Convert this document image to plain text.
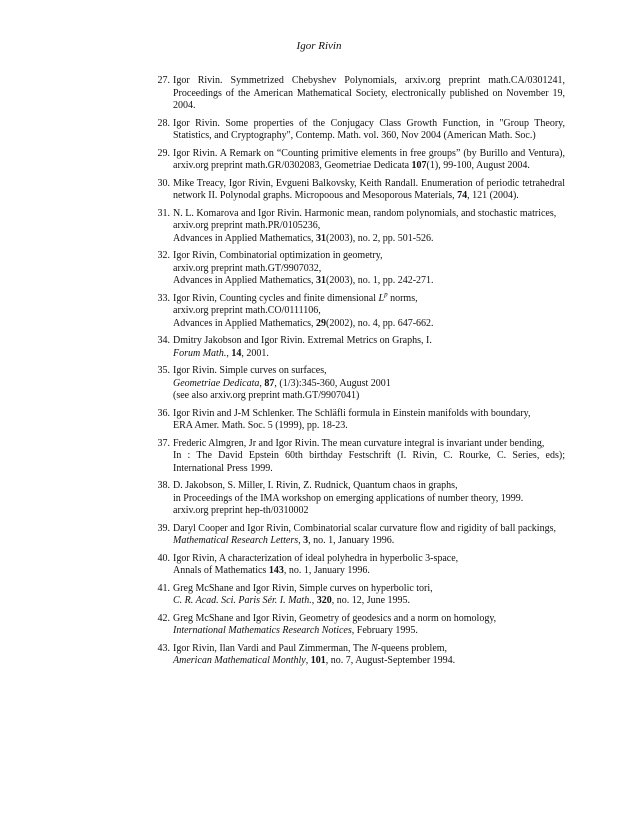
Igor Rivin
27. Igor Rivin. Symmetrized Chebyshev Polynomials, arxiv.org preprint math.CA/0301241, Proceedings of the American Mathematical Society, electronically published on November 19, 2004.
28. Igor Rivin. Some properties of the Conjugacy Class Growth Function, in "Group Theory, Statistics, and Cryptography", Contemp. Math. vol. 360, Nov 2004 (American Math. Soc.)
29. Igor Rivin. A Remark on “Counting primitive elements in free groups” (by Burillo and Ventura), arxiv.org preprint math.GR/0302083, Geometriae Dedicata 107(1), 99-100, August 2004.
30. Mike Treacy, Igor Rivin, Evgueni Balkovsky, Keith Randall. Enumeration of periodic tetrahedral network II. Polynodal graphs. Micropoous and Mesoporous Materials, 74, 121 (2004).
31. N. L. Komarova and Igor Rivin. Harmonic mean, random polynomials, and stochastic matrices,
arxiv.org preprint math.PR/0105236,
Advances in Applied Mathematics, 31(2003), no. 2, pp. 501-526.
32. Igor Rivin, Combinatorial optimization in geometry,
arxiv.org preprint math.GT/9907032,
Advances in Applied Mathematics, 31(2003), no. 1, pp. 242-271.
33. Igor Rivin, Counting cycles and finite dimensional $L^p$ norms,
arxiv.org preprint math.CO/0111106,
Advances in Applied Mathematics, 29(2002), no. 4, pp. 647-662.
34. Dmitry Jakobson and Igor Rivin. Extremal Metrics on Graphs, I.
Forum Math., 14, 2001.
35. Igor Rivin. Simple curves on surfaces,
Geometriae Dedicata, 87, (1/3):345-360, August 2001
(see also arxiv.org preprint math.GT/9907041)
36. Igor Rivin and J-M Schlenker. The Schläfli formula in Einstein manifolds with boundary,
ERA Amer. Math. Soc. 5 (1999), pp. 18-23.
37. Frederic Almgren, Jr and Igor Rivin. The mean curvature integral is invariant under bending,
In : The David Epstein 60th birthday Festschrift (I. Rivin, C. Rourke, C. Series, eds); International Press 1999.
38. D. Jakobson, S. Miller, I. Rivin, Z. Rudnick, Quantum chaos in graphs,
in Proceedings of the IMA workshop on emerging applications of number theory, 1999.
arxiv.org preprint hep-th/0310002
39. Daryl Cooper and Igor Rivin, Combinatorial scalar curvature flow and rigidity of ball packings,
Mathematical Research Letters, 3, no. 1, January 1996.
40. Igor Rivin, A characterization of ideal polyhedra in hyperbolic 3-space,
Annals of Mathematics 143, no. 1, January 1996.
41. Greg McShane and Igor Rivin, Simple curves on hyperbolic tori,
C. R. Acad. Sci. Paris Sér. I. Math., 320, no. 12, June 1995.
42. Greg McShane and Igor Rivin, Geometry of geodesics and a norm on homology,
International Mathematics Research Notices, February 1995.
43. Igor Rivin, Ilan Vardi and Paul Zimmerman, The N-queens problem,
American Mathematical Monthly, 101, no. 7, August-September 1994.
